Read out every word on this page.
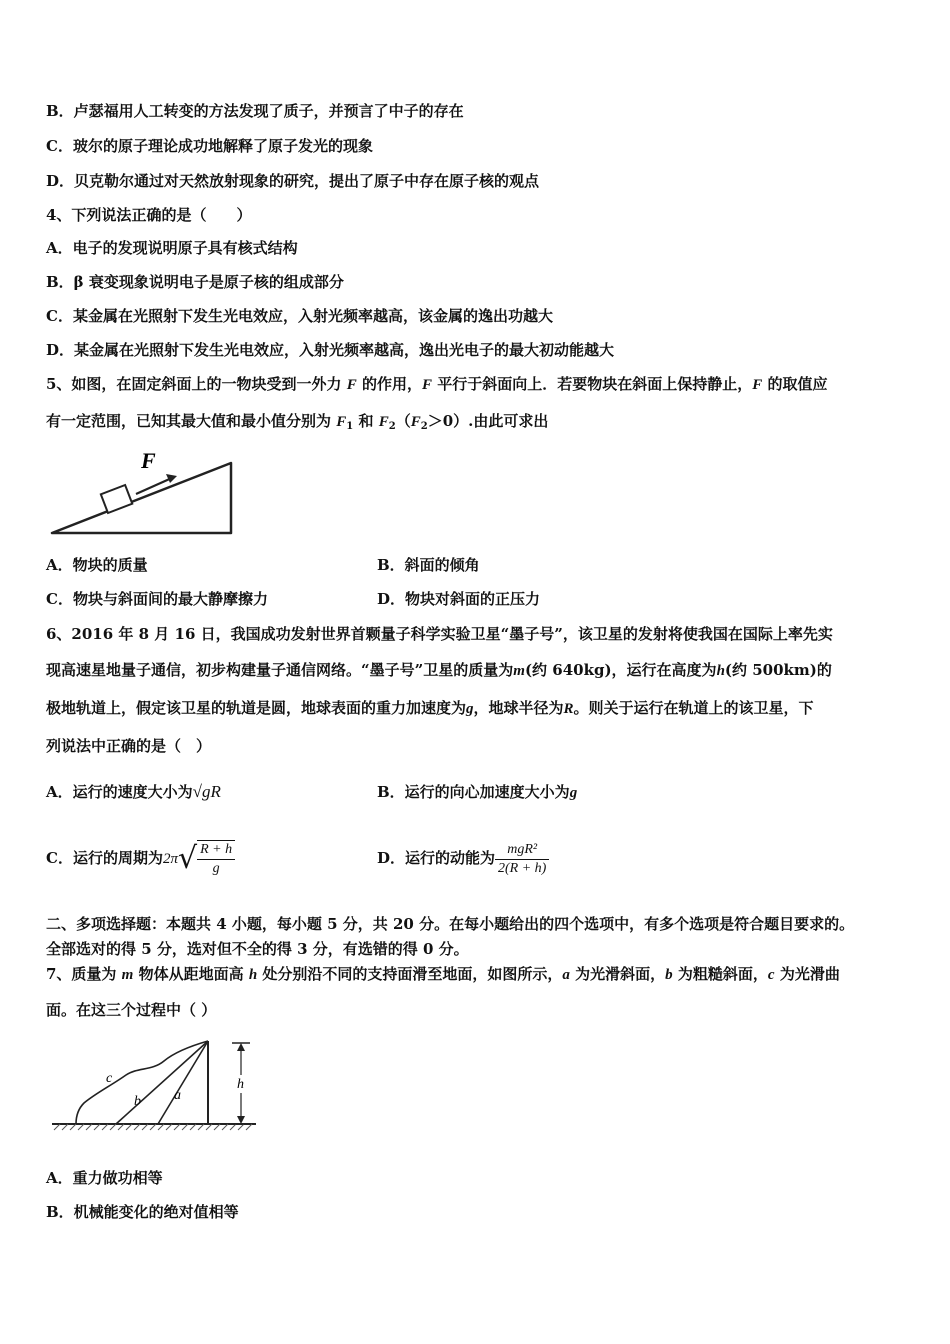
B．卢瑟福用人工转变的方法发现了质子，并预言了中子的存在
C．玻尔的原子理论成功地解释了原子发光的现象
D．贝克勒尔通过对天然放射现象的研究，提出了原子中存在原子核的观点
4、下列说法正确的是（　　）
A．电子的发现说明原子具有核式结构
B．β 衰变现象说明电子是原子核的组成部分
C．某金属在光照射下发生光电效应，入射光频率越高，该金属的逸出功越大
D．某金属在光照射下发生光电效应，入射光频率越高，逸出光电子的最大初动能越大
5、如图，在固定斜面上的一物块受到一外力 F 的作用，F 平行于斜面向上．若要物块在斜面上保持静止，F 的取值应
有一定范围，已知其最大值和最小值分别为 $F_1$ 和 $F_2(F_2>0)$.由此可求出
F
A．物块的质量	B．斜面的倾角
C．物块与斜面间的最大静摩擦力	D．物块对斜面的正压力
6、2016 年 8 月 16 日，我国成功发射世界首颗量子科学实验卫星“墨子号”，该卫星的发射将使我国在国际上率先实
现高速星地量子通信，初步构建量子通信网络。“墨子号”卫星的质量为m(约 640kg)，运行在高度为h(约 500km)的
极地轨道上，假定该卫星的轨道是圆，地球表面的重力加速度为g，地球半径为R。则关于运行在轨道上的该卫星，下
列说法中正确的是（　）
A．运行的速度大小为√gR	B．运行的向心加速度大小为g
C．运行的周期为$2\pi√ \frac{R + h}{g}$	D．运行的动能为 $\frac{\text{mgR²}}{2(R + h)}$
二、多项选择题：本题共 4 小题，每小题 5 分，共 20 分。在每小题给出的四个选项中，有多个选项是符合题目要求的。
全部选对的得 5 分，选对但不全的得 3 分，有选错的得 0 分。
7、质量为 m 物体从距地面高 h 处分别沿不同的支持面滑至地面，如图所示，a 为光滑斜面，b 为粗糙斜面，c 为光滑曲
面。在这三个过程中（ ）
c
b a
h
A．重力做功相等
B．机械能变化的绝对值相等
